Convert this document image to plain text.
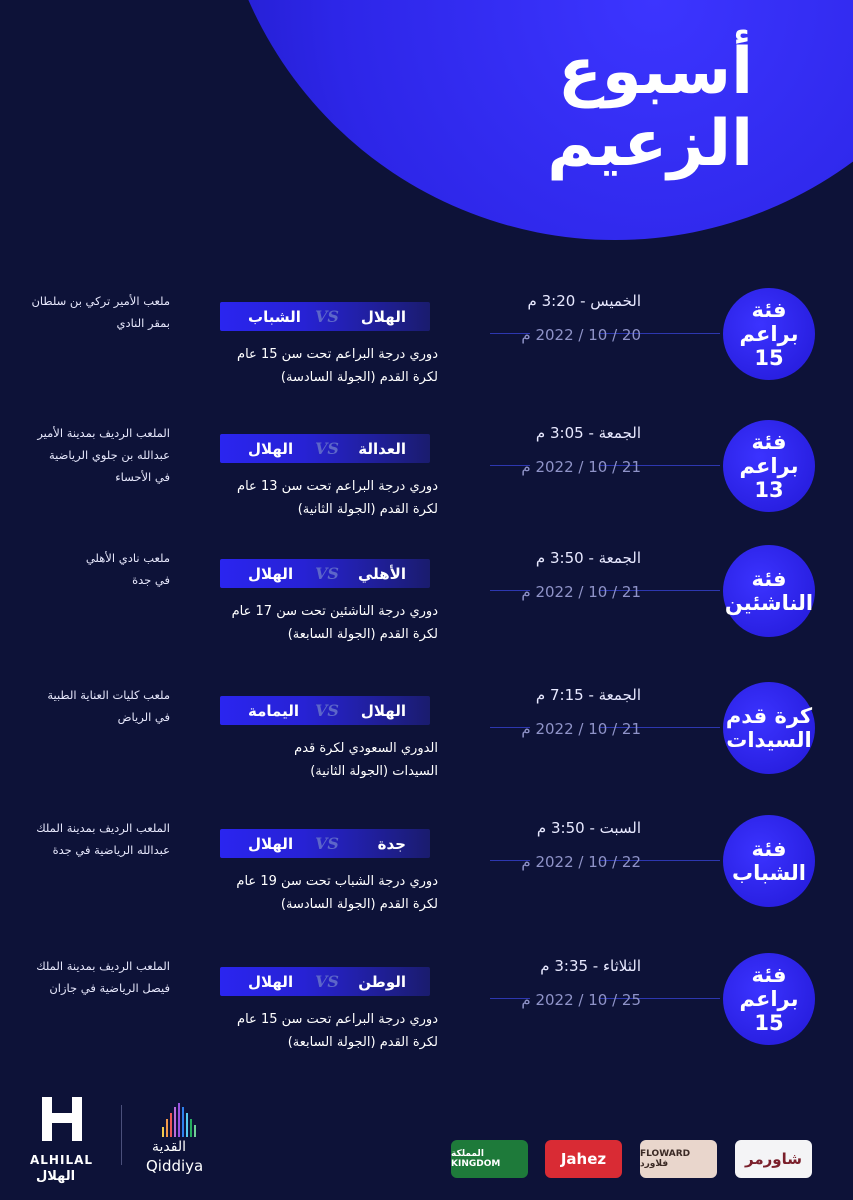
أسبوع
الزعيم
فئة
براعم 15
الخميس - 3:20 م
20 / 10 / 2022 م
الهلال
VS
الشباب
دوري درجة البراعم تحت سن 15 عام
لكرة القدم (الجولة السادسة)
ملعب الأمير تركي بن سلطان
بمقر النادي
فئة
براعم 13
الجمعة - 3:05 م
21 / 10 / 2022 م
العدالة
VS
الهلال
دوري درجة البراعم تحت سن 13 عام
لكرة القدم (الجولة الثانية)
الملعب الرديف بمدينة الأمير
عبدالله بن جلوي الرياضية
في الأحساء
فئة
الناشئين
الجمعة - 3:50 م
21 / 10 / 2022 م
الأهلي
VS
الهلال
دوري درجة الناشئين تحت سن 17 عام
لكرة القدم (الجولة السابعة)
ملعب نادي الأهلي
في جدة
كرة قدم
السيدات
الجمعة - 7:15 م
21 / 10 / 2022 م
الهلال
VS
اليمامة
الدوري السعودي لكرة قدم
السيدات (الجولة الثانية)
ملعب كليات العناية الطبية
في الرياض
فئة
الشباب
السبت - 3:50 م
22 / 10 / 2022 م
جدة
VS
الهلال
دوري درجة الشباب تحت سن 19 عام
لكرة القدم (الجولة السادسة)
الملعب الرديف بمدينة الملك
عبدالله الرياضية في جدة
فئة
براعم 15
الثلاثاء - 3:35 م
25 / 10 / 2022 م
الوطن
VS
الهلال
دوري درجة البراعم تحت سن 15 عام
لكرة القدم (الجولة السابعة)
الملعب الرديف بمدينة الملك
فيصل الرياضية في جازان
ALHILAL
الهلال
القدية
Qiddiya	شاورمر
FLOWARD فلاورد
Jahez
المملكة KINGDOM
